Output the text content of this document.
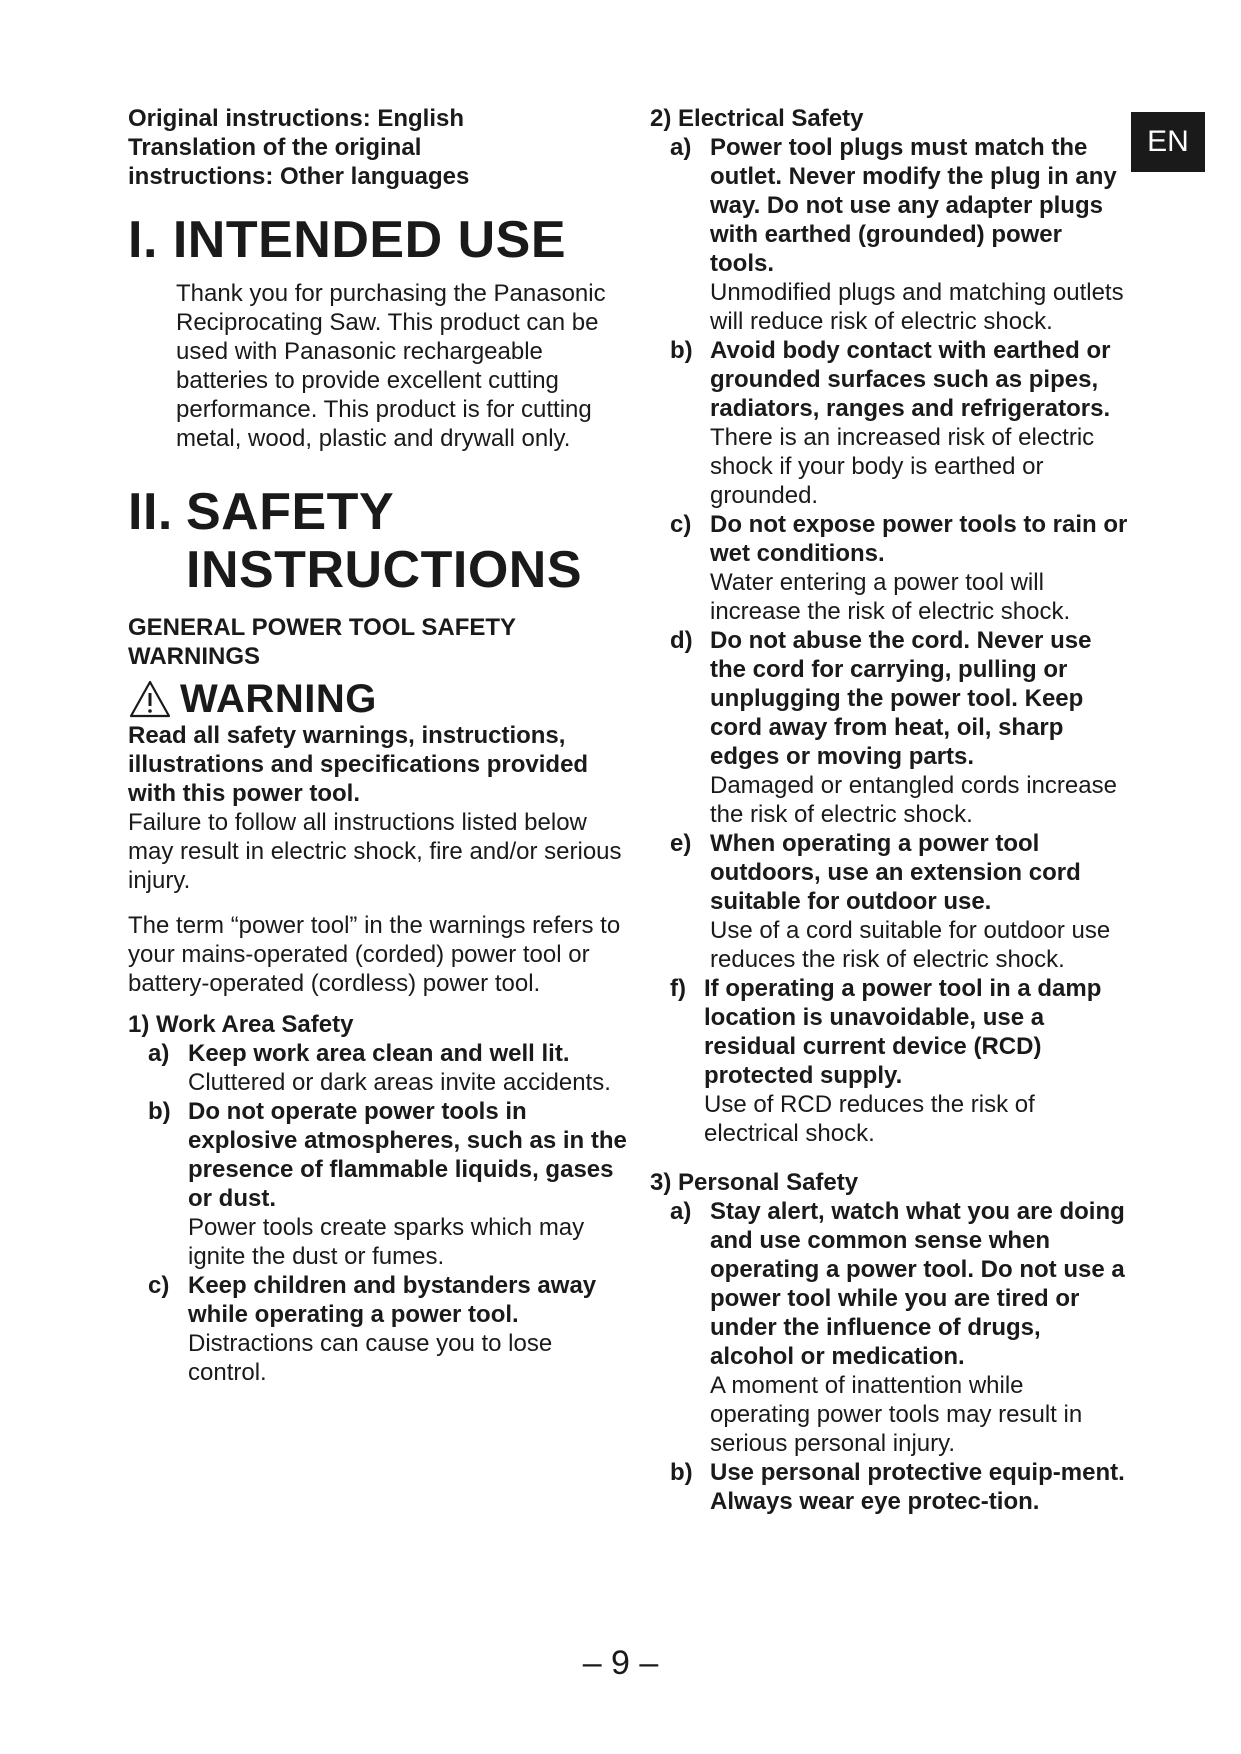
EN
Original instructions: English
Translation of the original
instructions: Other languages
I. INTENDED USE

Thank you for purchasing the Panasonic Reciprocating Saw. This product can be used with Panasonic rechargeable batteries to provide excellent cutting performance. This product is for cutting metal, wood, plastic and drywall only.

II. SAFETY
INSTRUCTIONS
GENERAL POWER TOOL SAFETY WARNINGS
WARNING

Read all safety warnings, instructions, illustrations and specifications provided with this power tool.

Failure to follow all instructions listed below may result in electric shock, fire and/or serious injury.

The term “power tool” in the warnings refers to your mains-operated (corded) power tool or battery-operated (cordless) power tool.

1) Work Area Safety
a) Keep work area clean and well lit.
Cluttered or dark areas invite accidents.
b) Do not operate power tools in explosive atmospheres, such as in the presence of flammable liquids, gases or dust.
Power tools create sparks which may ignite the dust or fumes.
c) Keep children and bystanders away while operating a power tool.
Distractions can cause you to lose control.
2) Electrical Safety
a) Power tool plugs must match the outlet. Never modify the plug in any way. Do not use any adapter plugs with earthed (grounded) power tools.
Unmodified plugs and matching outlets will reduce risk of electric shock.
b) Avoid body contact with earthed or grounded surfaces such as pipes, radiators, ranges and refrigerators.
There is an increased risk of electric shock if your body is earthed or grounded.
c) Do not expose power tools to rain or wet conditions.
Water entering a power tool will increase the risk of electric shock.
d) Do not abuse the cord. Never use the cord for carrying, pulling or unplugging the power tool. Keep cord away from heat, oil, sharp edges or moving parts.
Damaged or entangled cords increase the risk of electric shock.
e) When operating a power tool outdoors, use an extension cord suitable for outdoor use.
Use of a cord suitable for outdoor use reduces the risk of electric shock.
f) If operating a power tool in a damp location is unavoidable, use a residual current device (RCD) protected supply.
Use of RCD reduces the risk of electrical shock.
3) Personal Safety
a) Stay alert, watch what you are doing and use common sense when operating a power tool. Do not use a power tool while you are tired or under the influence of drugs, alcohol or medication.
A moment of inattention while operating power tools may result in serious personal injury.
b) Use personal protective equip-ment. Always wear eye protec-tion.
– 9 –
